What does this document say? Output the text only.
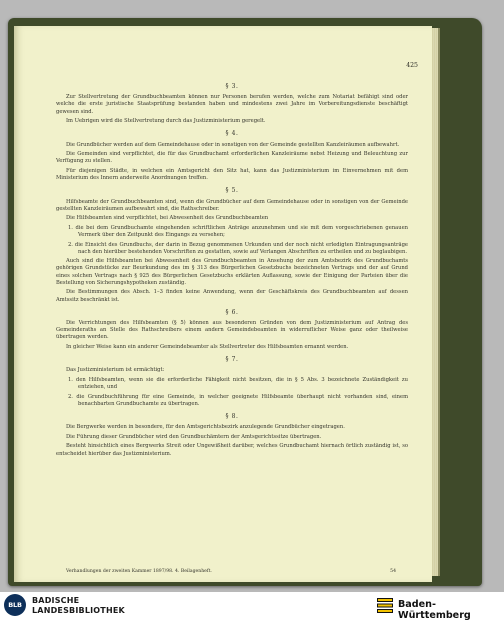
425
§ 3.
Zur Stellvertretung der Grundbuchbeamten können nur Personen berufen werden, welche zum Notariat befähigt sind oder welche die erste juristische Staatsprüfung bestanden haben und mindestens zwei Jahre im Vorbereitungsdienste beschäftigt gewesen sind.
Im Uebrigen wird die Stellvertretung durch das Justizministerium geregelt.
§ 4.
Die Grundbücher werden auf dem Gemeindehause oder in sonstigen von der Gemeinde gestellten Kanzleiräumen aufbewahrt.
Die Gemeinden sind verpflichtet, die für das Grundbuchamt erforderlichen Kanzleiräume nebst Heizung und Beleuchtung zur Verfügung zu stellen.
Für diejenigen Städte, in welchen ein Amtsgericht den Sitz hat, kann das Justizministerium im Einvernehmen mit dem Ministerium des Innern anderweite Anordnungen treffen.
§ 5.
Hilfsbeamte der Grundbuchbeamten sind, wenn die Grundbücher auf dem Gemeindehause oder in sonstigen von der Gemeinde gestellten Kanzleiräumen aufbewahrt sind, die Rathschreiber.
Die Hilfsbeamten sind verpflichtet, bei Abwesenheit des Grundbuchbeamten
1. die bei dem Grundbuchamte eingehenden schriftlichen Anträge anzunehmen und sie mit dem vorgeschriebenen genauen Vermerk über den Zeitpunkt des Eingangs zu versehen;
2. die Einsicht des Grundbuchs, der darin in Bezug genommenen Urkunden und der noch nicht erledigten Eintragungsanträge nach den hierüber bestehenden Vorschriften zu gestatten, sowie auf Verlangen Abschriften zu ertheilen und zu beglaubigen.
Auch sind die Hilfsbeamten bei Abwesenheit des Grundbuchbeamten in Ansehung der zum Amtsbezirk des Grundbuchamts gehörigen Grundstücke zur Beurkundung des im § 313 des Bürgerlichen Gesetzbuchs bezeichneten Vertrags und der auf Grund eines solchen Vertrags nach § 925 des Bürgerlichen Gesetzbuchs erklärten Auflassung, sowie der Einigung der Parteien über die Bestellung von Sicherungshypotheken zuständig.
Die Bestimmungen des Absch. 1–3 finden keine Anwendung, wenn der Geschäftskreis des Grundbuchbeamten auf dessen Amtssitz beschränkt ist.
§ 6.
Die Verrichtungen des Hilfsbeamten (§ 5) können aus besonderen Gründen von dem Justizministerium auf Antrag des Gemeinderaths an Stelle des Rathschreibers einem andern Gemeindebeamten in widerruflicher Weise ganz oder theilweise übertragen werden.
In gleicher Weise kann ein anderer Gemeindebeamter als Stellvertreter des Hilfsbeamten ernannt werden.
§ 7.
Das Justizministerium ist ermächtigt:
1. den Hilfsbeamten, wenn sie die erforderliche Fähigkeit nicht besitzen, die in § 5 Abs. 3 bezeichnete Zuständigkeit zu entziehen, und
2. die Grundbuchführung für eine Gemeinde, in welcher geeignete Hilfsbeamte überhaupt nicht vorhanden sind, einem benachbarten Grundbuchamte zu übertragen.
§ 8.
Die Bergwerke werden in besondere, für den Amtsgerichtsbezirk anzulegende Grundbücher eingetragen.
Die Führung dieser Grundbücher wird den Grundbuchämtern der Amtsgerichtssitze übertragen.
Besteht hinsichtlich eines Bergwerks Streit oder Ungewißheit darüber, welches Grundbuchamt hiernach örtlich zuständig ist, so entscheidet hierüber das Justizministerium.
Verhandlungen der zweiten Kammer 1897/98. 4. Beilagenheft.	54
BLB	BADISCHE
LANDESBIBLIOTHEK
Baden-Württemberg
